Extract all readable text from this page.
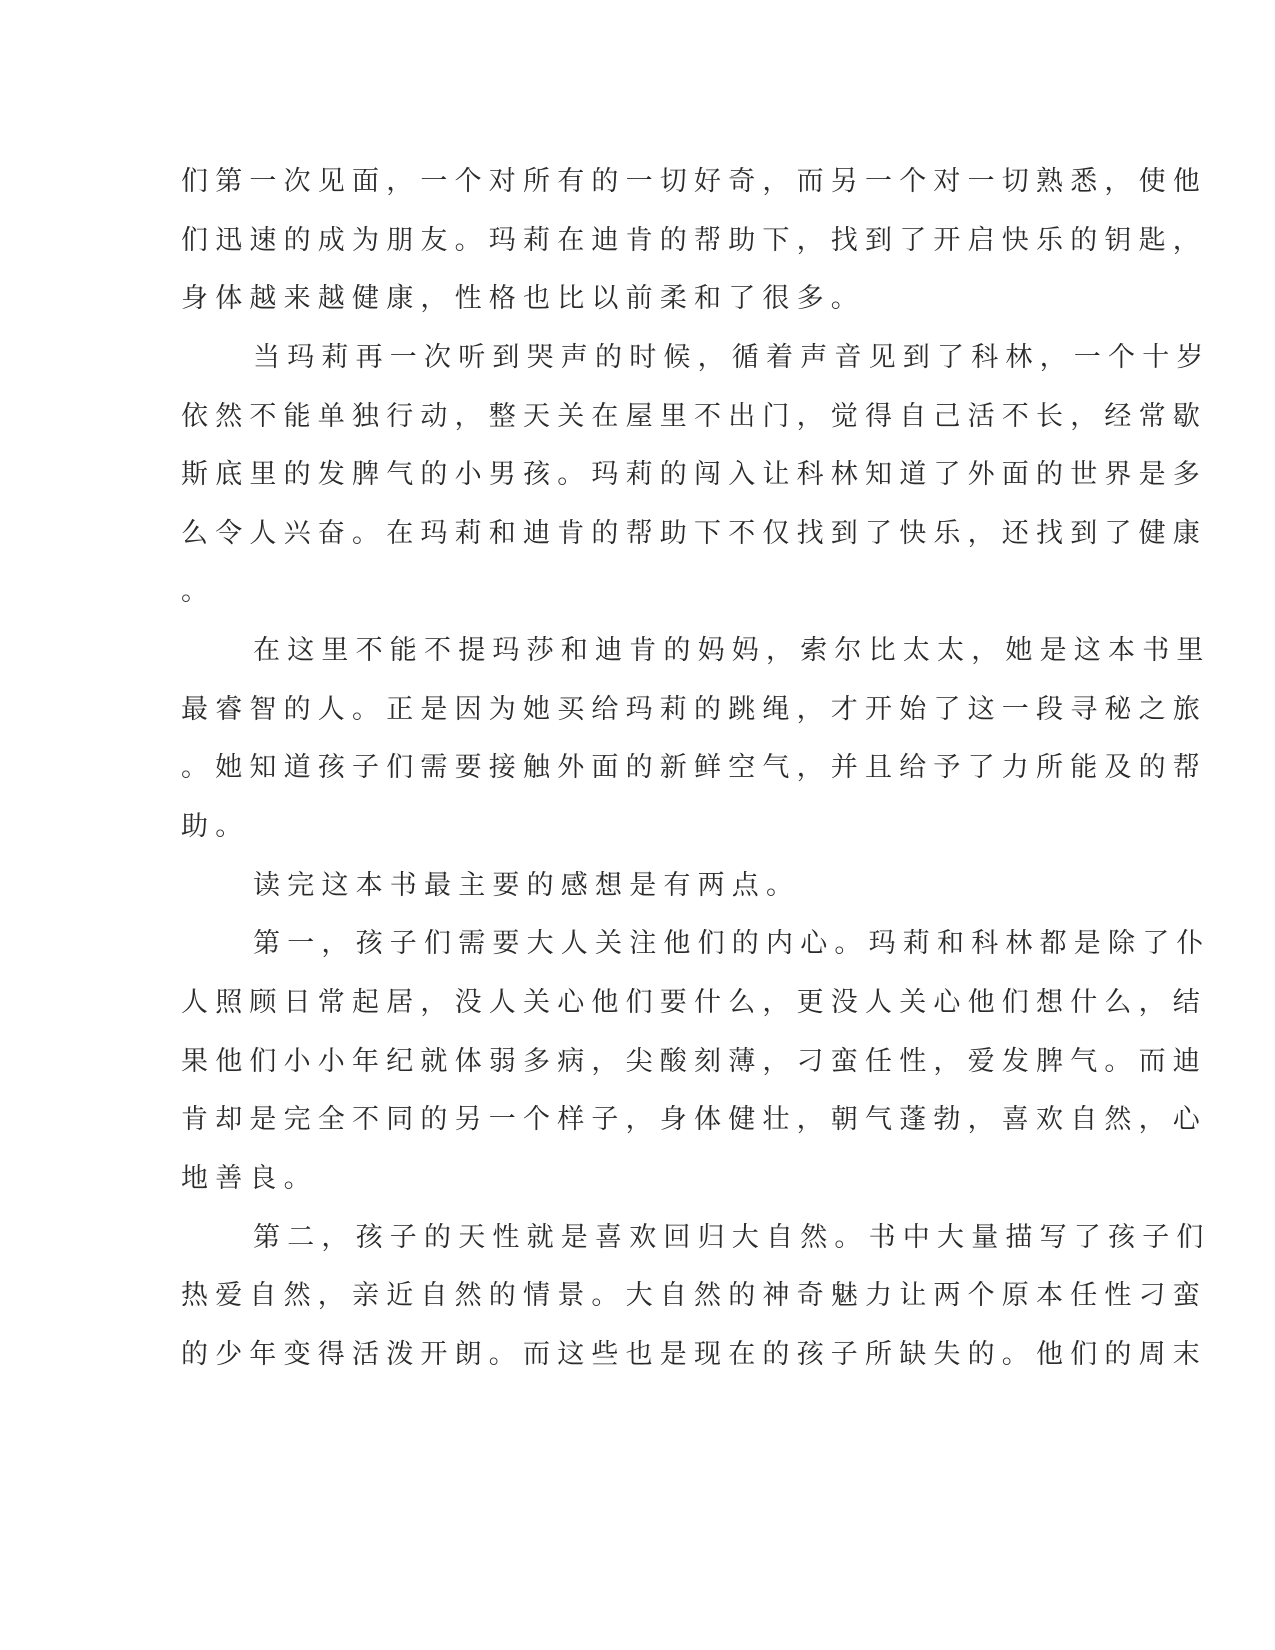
们第一次见面，一个对所有的一切好奇，而另一个对一切熟悉，使他
们迅速的成为朋友。玛莉在迪肯的帮助下，找到了开启快乐的钥匙，
身体越来越健康，性格也比以前柔和了很多。
当玛莉再一次听到哭声的时候，循着声音见到了科林，一个十岁
依然不能单独行动，整天关在屋里不出门，觉得自己活不长，经常歇
斯底里的发脾气的小男孩。玛莉的闯入让科林知道了外面的世界是多
么令人兴奋。在玛莉和迪肯的帮助下不仅找到了快乐，还找到了健康
。
在这里不能不提玛莎和迪肯的妈妈，索尔比太太，她是这本书里
最睿智的人。正是因为她买给玛莉的跳绳，才开始了这一段寻秘之旅
。她知道孩子们需要接触外面的新鲜空气，并且给予了力所能及的帮
助。
读完这本书最主要的感想是有两点。
第一，孩子们需要大人关注他们的内心。玛莉和科林都是除了仆
人照顾日常起居，没人关心他们要什么，更没人关心他们想什么，结
果他们小小年纪就体弱多病，尖酸刻薄，刁蛮任性，爱发脾气。而迪
肯却是完全不同的另一个样子，身体健壮，朝气蓬勃，喜欢自然，心
地善良。
第二，孩子的天性就是喜欢回归大自然。书中大量描写了孩子们
热爱自然，亲近自然的情景。大自然的神奇魅力让两个原本任性刁蛮
的少年变得活泼开朗。而这些也是现在的孩子所缺失的。他们的周末
